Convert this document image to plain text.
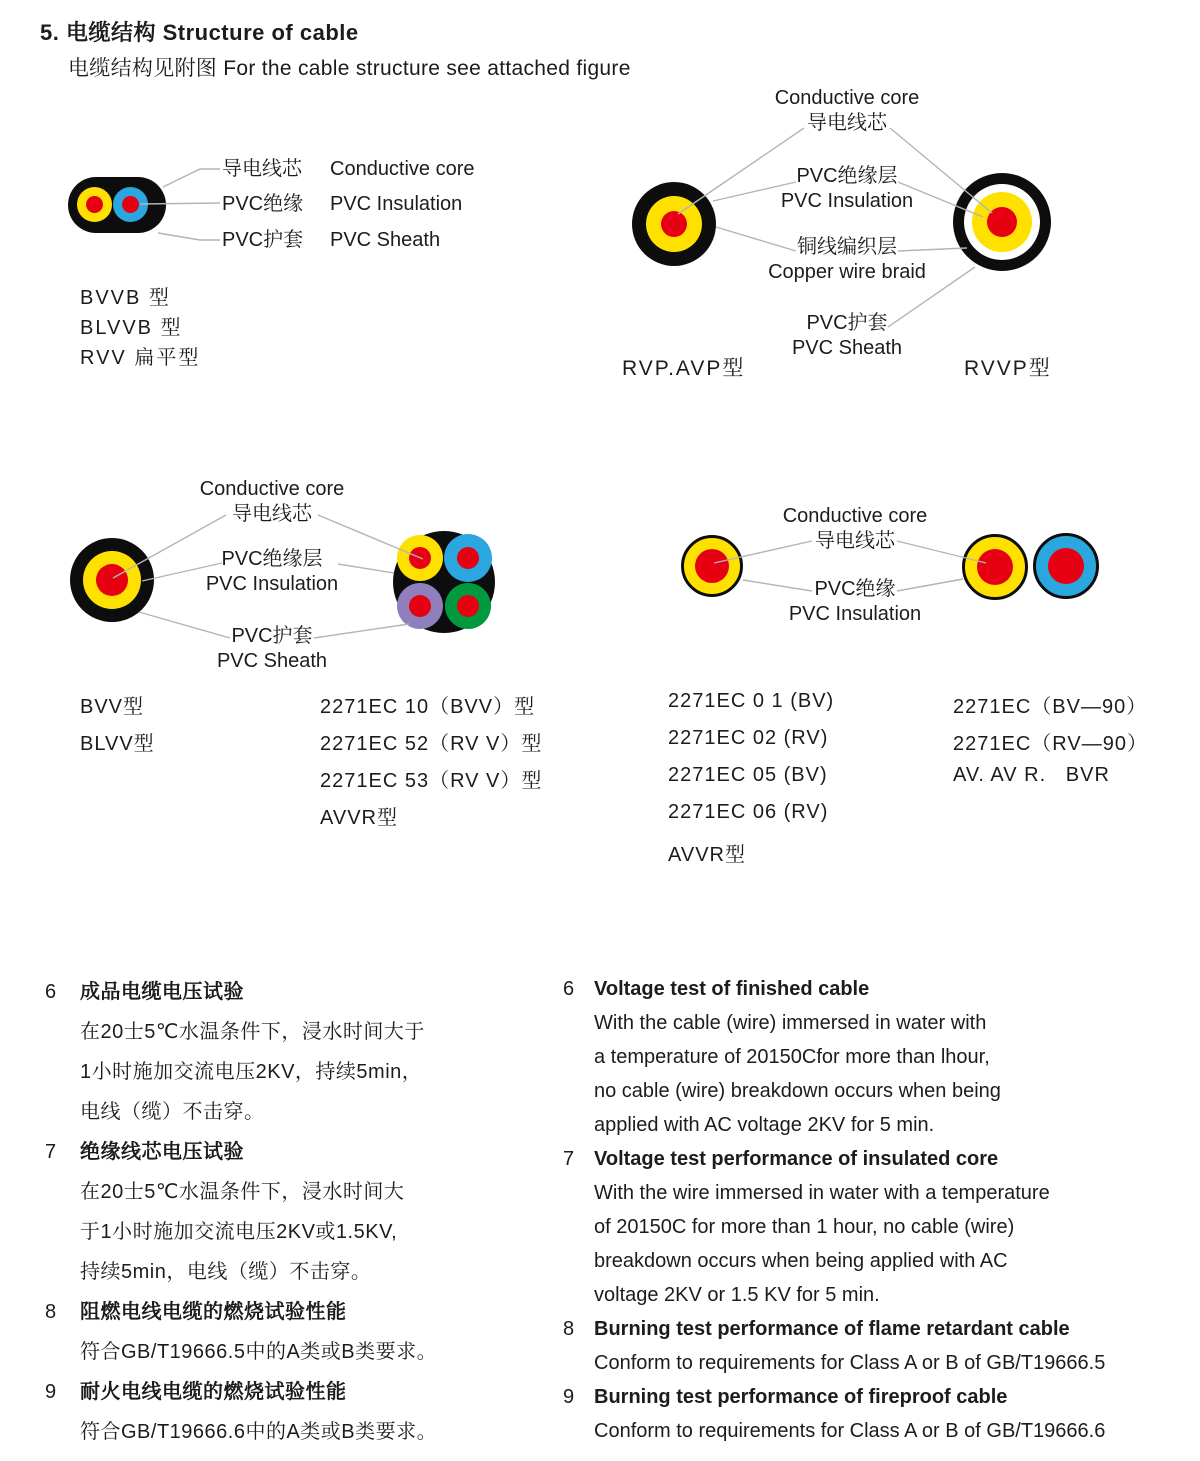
5. 电缆结构 Structure of cable
电缆结构见附图 For the cable structure see attached figure
导电线芯 Conductive core
PVC绝缘 PVC Insulation
PVC护套 PVC Sheath
BVVB 型
BLVVB 型
RVV 扁平型
Conductive core
导电线芯
PVC绝缘层
PVC Insulation
铜线编织层
Copper wire braid
PVC护套
PVC Sheath
RVP.AVP型	RVVP型
Conductive core
导电线芯
PVC绝缘层
PVC Insulation
PVC护套
PVC Sheath
BVV型
BLVV型
2271EC 10（BVV）型
2271EC 52（RV V）型
2271EC 53（RV V）型
AVVR型
Conductive core
导电线芯
PVC绝缘
PVC Insulation
2271EC 0 1 (BV)
2271EC 02 (RV)
2271EC 05 (BV)
2271EC 06 (RV)
AVVR型
2271EC（BV—90）
2271EC（RV—90）
AV. AV R.   BVR
6	成品电缆电压试验
在20士5℃水温条件下，浸水时间大于
1小时施加交流电压2KV，持续5min，
电线（缆）不击穿。
7	绝缘线芯电压试验
在20士5℃水温条件下，浸水时间大
于1小时施加交流电压2KV或1.5KV,
持续5min，电线（缆）不击穿。
8	阻燃电线电缆的燃烧试验性能
符合GB/T19666.5中的A类或B类要求。
9	耐火电线电缆的燃烧试验性能
符合GB/T19666.6中的A类或B类要求。
6 Voltage test of finished cable
With the cable (wire) immersed in water with
a temperature of 20150Cfor more than lhour,
no cable (wire) breakdown occurs when being
applied with AC voltage 2KV for 5 min.
7 Voltage test performance of insulated core
With the wire immersed in water with a temperature
of 20150C for more than 1 hour, no cable (wire)
breakdown occurs when being applied with AC
voltage 2KV or 1.5 KV for 5 min.
8 Burning test performance of flame retardant cable
Conform to requirements for Class A or B of GB/T19666.5
9 Burning test performance of fireproof cable
Conform to requirements for Class A or B of GB/T19666.6
